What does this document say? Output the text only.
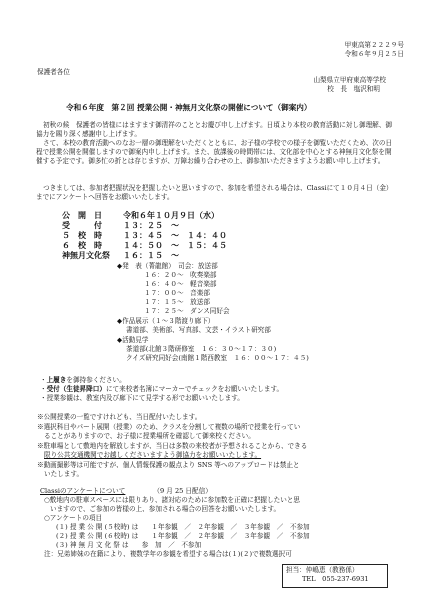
甲東高第２２２９号
令和６年９月２５日
保護者各位
山梨県立甲府東高等学校
校　長　塩沢和明
令和６年度　第２回 授業公開・神無月文化祭の開催について（御案内）
初秋の候　保護者の皆様にはますます御清祥のこととお慶び申し上げます。日頃より本校の教育活動に対し御理解、御協力を賜り深く感謝申し上げます。
さて、本校の教育活動へのなお一層の御理解をいただくとともに、お子様の学校での様子を御覧いただくため、次の日程で授業公開を開催しますので御案内申し上げます。また、放課後の時間帯には、文化部を中心とする神無月文化祭を開催する予定です。御多忙の折とは存じますが、万障お繰り合わせの上、御参加いただきますようお願い申し上げます。
つきましては、参加者把握状況を把握したいと思いますので、参加を希望される場合は、Classiにて１０月４日（金）までにアンケートへ回答をお願いいたします。
公　開　日	令和６年１０月９日（水）
受　　　付	１３：２５　～
５　校　時	１３：４５　～　１４：４０
６　校　時	１４：５０　～　１５：４５
神無月文化祭 １６：１５　～
◆発　表（菁龍館）　司会：放送部
１６：２０～　吹奏楽部
１６：４０～　軽音楽部
１７：００～　音楽部
１７：１５～　放送部
１７：２５～　ダンス同好会
◆作品展示（１～３階渡り廊下）
書道部、美術部、写真部、文芸・イラスト研究部
◆活動見学
茶道部(北館３階研修室　１６：３０～１７：３０)
クイズ研究同好会(南館１階西教室　１６：００～１７：４５)
・上履きを御持参ください。
・受付（生徒昇降口）にて来校者名簿にマーカーでチェックをお願いいたします。
・授業参観は、教室内及び廊下にて見学する形でお願いいたします。
※公開授業の一覧ですけれども、当日配付いたします。
※選択科目やパート展開（授業）のため、クラスを分割して複数の場所で授業を行ってい
ることがありますので、お子様に授業場所を確認して御来校ください。
※駐車場として敷地内を解放しますが、当日は多数の来校者が予想されることから、できる
限り公共交通機関でお越しくださいますよう御協力をお願いいたします。
※動画撮影等は可能ですが、個人情報保護の観点より SNS 等へのアップロードは禁止と
いたします。
Classiのアンケートについて	（9 月 25 日配信）
○敷地内の駐車スペースには限りあり、諸対応のために参加数を正確に把握したいと思
いますので、ご参加の皆様の上、参加される場合の回答をお願いいたします。
○アンケートの項目
(１) 授 業 公 開 (５校時) は　　１年参観　／　２年参観　／　３年参観　／　不参加
(２) 授 業 公 開 (６校時) は　　１年参観　／　２年参観　／　３年参観　／　不参加
(３) 神 無 月 文 化 祭 は　　参　加　／　不参加
注：兄弟姉妹の在籍により、複数学年の参観を希望する場合は(１)(２)で複数選択可
担当：仲嶋恵（教務係）
TEL　055-237-6931
